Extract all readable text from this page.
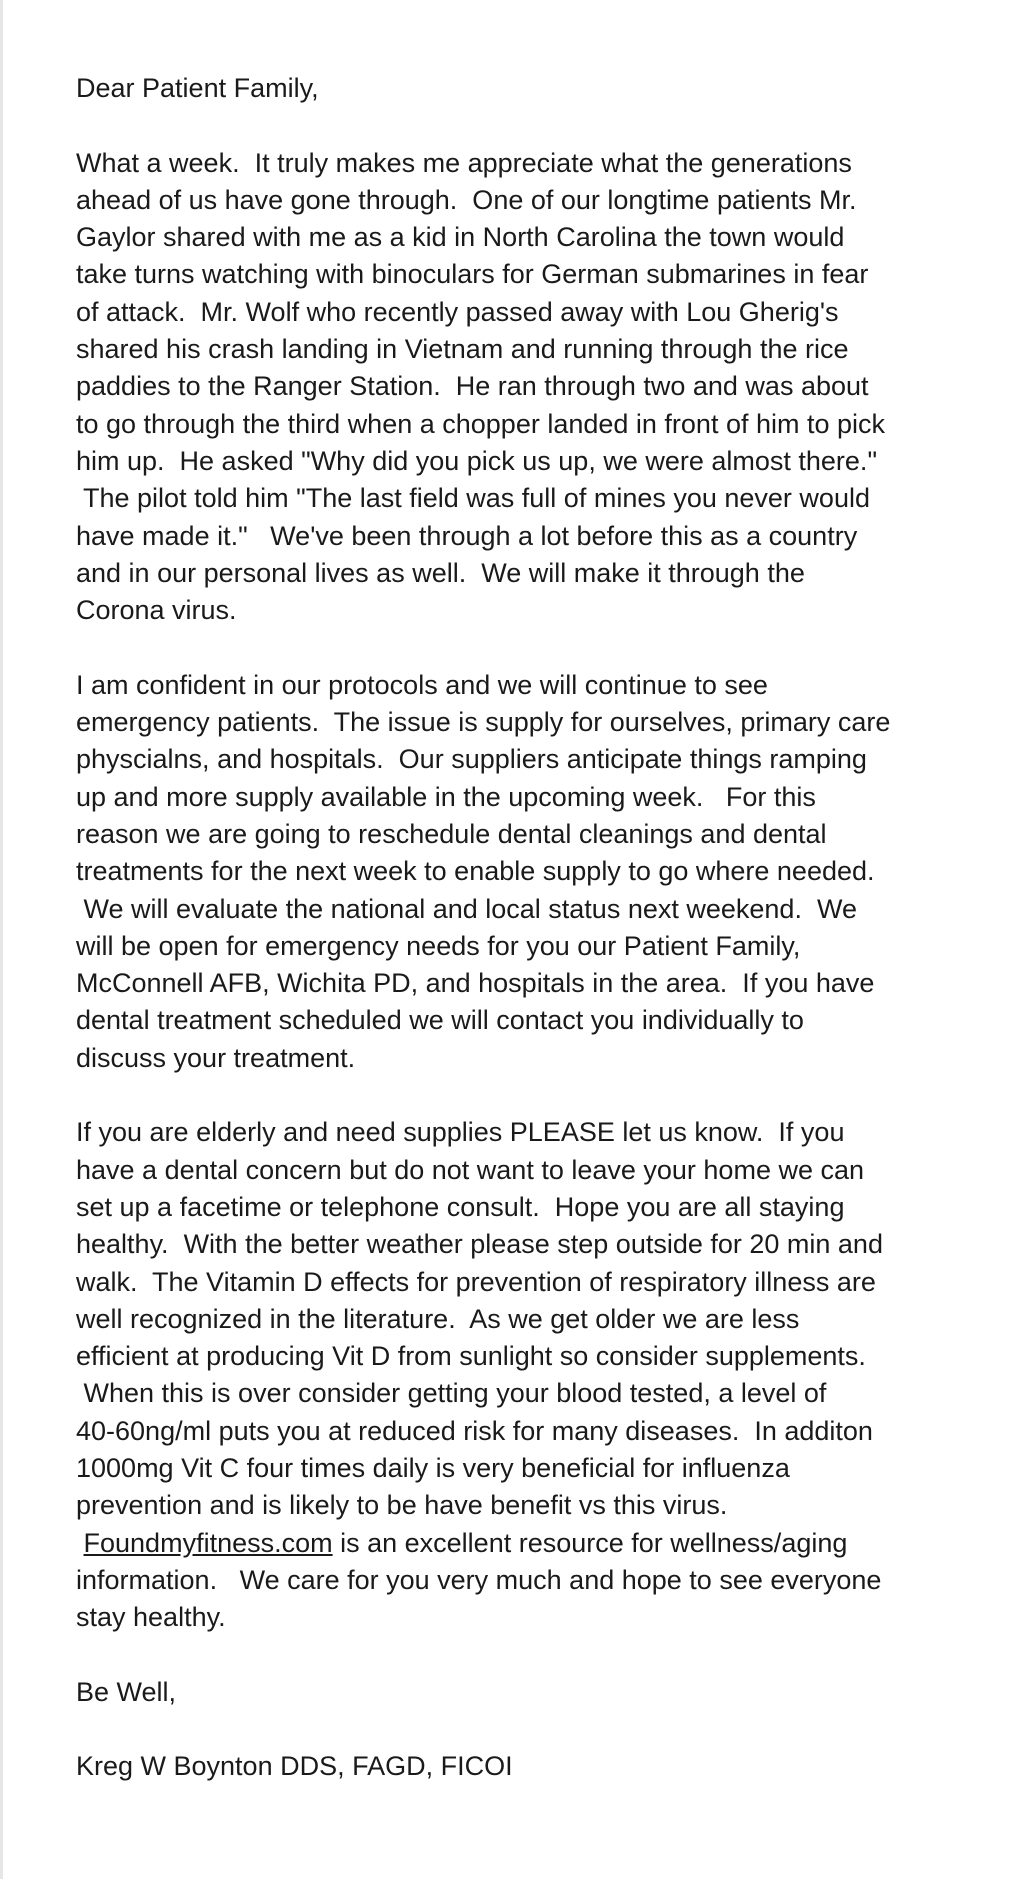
Dear Patient Family,
What a week.  It truly makes me appreciate what the generations
ahead of us have gone through.  One of our longtime patients Mr.
Gaylor shared with me as a kid in North Carolina the town would
take turns watching with binoculars for German submarines in fear
of attack.  Mr. Wolf who recently passed away with Lou Gherig's
shared his crash landing in Vietnam and running through the rice
paddies to the Ranger Station.  He ran through two and was about
to go through the third when a chopper landed in front of him to pick
him up.  He asked "Why did you pick us up, we were almost there."
The pilot told him "The last field was full of mines you never would
have made it."   We've been through a lot before this as a country
and in our personal lives as well.  We will make it through the
Corona virus.
I am confident in our protocols and we will continue to see
emergency patients.  The issue is supply for ourselves, primary care
physcialns, and hospitals.  Our suppliers anticipate things ramping
up and more supply available in the upcoming week.   For this
reason we are going to reschedule dental cleanings and dental
treatments for the next week to enable supply to go where needed.
We will evaluate the national and local status next weekend.  We
will be open for emergency needs for you our Patient Family,
McConnell AFB, Wichita PD, and hospitals in the area.  If you have
dental treatment scheduled we will contact you individually to
discuss your treatment.
If you are elderly and need supplies PLEASE let us know.  If you
have a dental concern but do not want to leave your home we can
set up a facetime or telephone consult.  Hope you are all staying
healthy.  With the better weather please step outside for 20 min and
walk.  The Vitamin D effects for prevention of respiratory illness are
well recognized in the literature.  As we get older we are less
efficient at producing Vit D from sunlight so consider supplements.
When this is over consider getting your blood tested, a level of
40-60ng/ml puts you at reduced risk for many diseases.  In additon
1000mg Vit C four times daily is very beneficial for influenza
prevention and is likely to be have benefit vs this virus.
Foundmyfitness.com is an excellent resource for wellness/aging
information.   We care for you very much and hope to see everyone
stay healthy.
Be Well,
Kreg W Boynton DDS, FAGD, FICOI
